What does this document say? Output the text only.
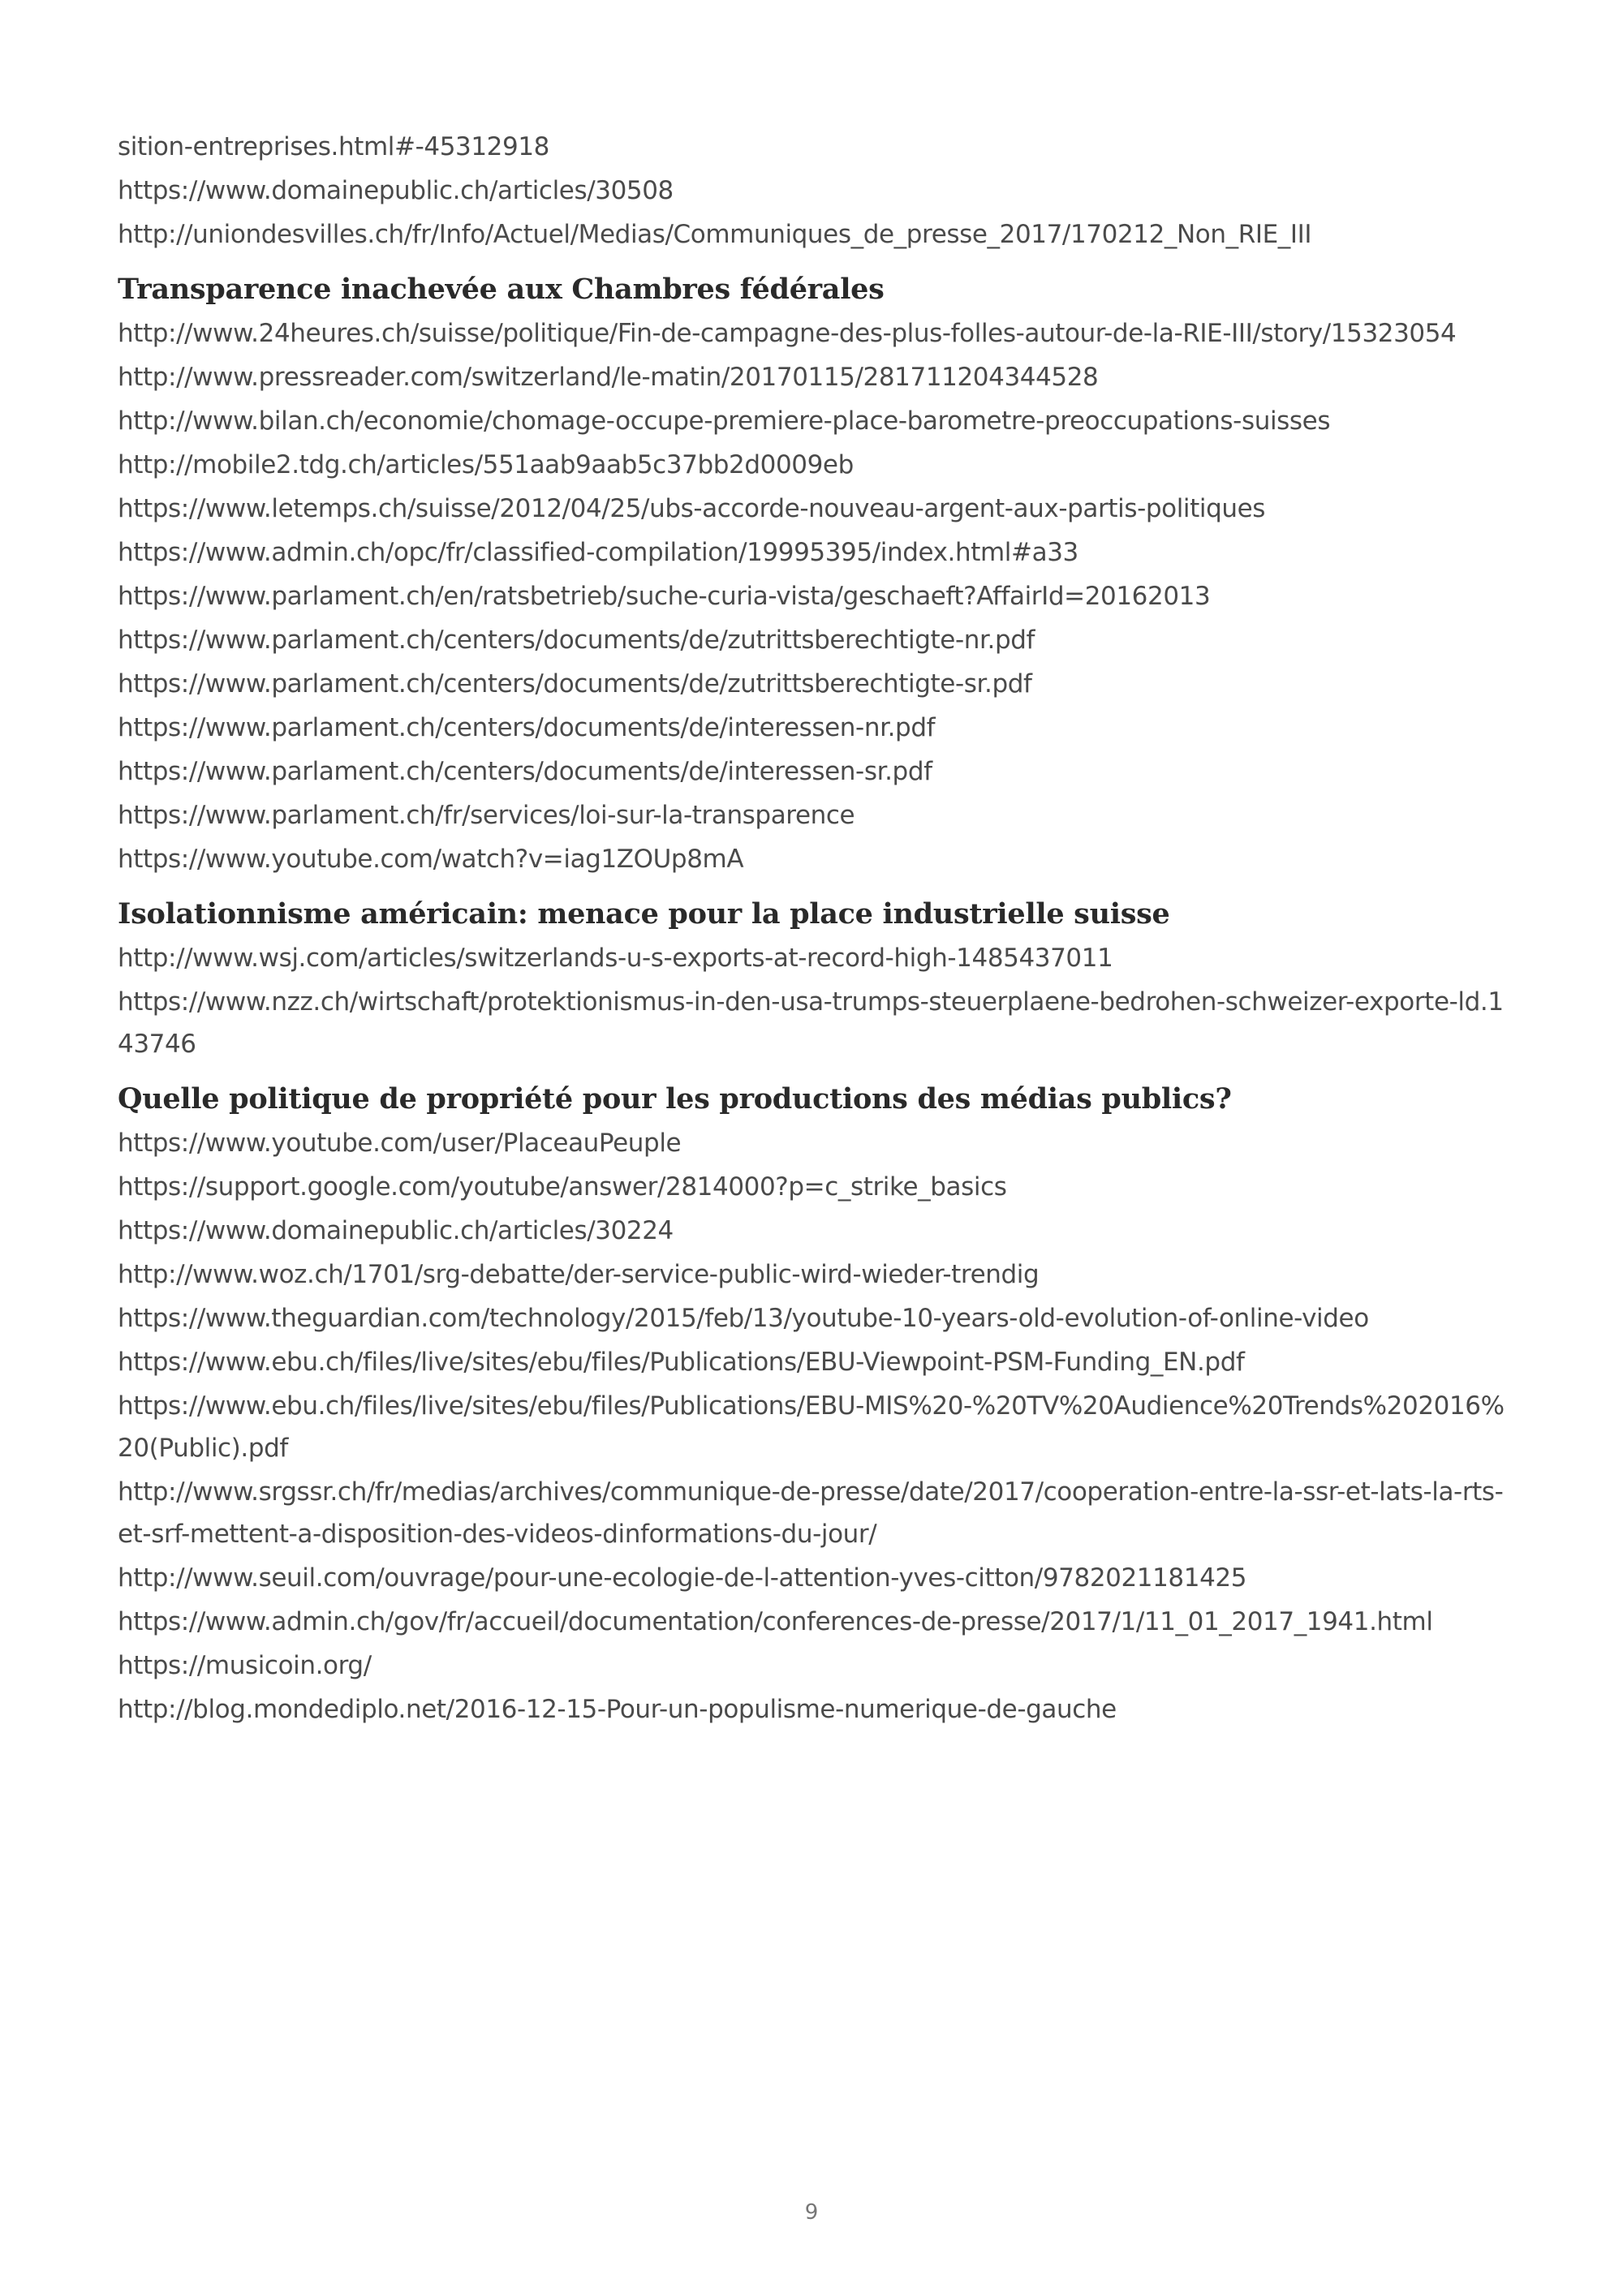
sition-entreprises.html#-45312918
https://www.domainepublic.ch/articles/30508
http://uniondesvilles.ch/fr/Info/Actuel/Medias/Communiques_de_presse_2017/170212_Non_RIE_III
Transparence inachevée aux Chambres fédérales
http://www.24heures.ch/suisse/politique/Fin-de-campagne-des-plus-folles-autour-de-la-RIE-III/story/15323054
http://www.pressreader.com/switzerland/le-matin/20170115/281711204344528
http://www.bilan.ch/economie/chomage-occupe-premiere-place-barometre-preoccupations-suisses
http://mobile2.tdg.ch/articles/551aab9aab5c37bb2d0009eb
https://www.letemps.ch/suisse/2012/04/25/ubs-accorde-nouveau-argent-aux-partis-politiques
https://www.admin.ch/opc/fr/classified-compilation/19995395/index.html#a33
https://www.parlament.ch/en/ratsbetrieb/suche-curia-vista/geschaeft?AffairId=20162013
https://www.parlament.ch/centers/documents/de/zutrittsberechtigte-nr.pdf
https://www.parlament.ch/centers/documents/de/zutrittsberechtigte-sr.pdf
https://www.parlament.ch/centers/documents/de/interessen-nr.pdf
https://www.parlament.ch/centers/documents/de/interessen-sr.pdf
https://www.parlament.ch/fr/services/loi-sur-la-transparence
https://www.youtube.com/watch?v=iag1ZOUp8mA
Isolationnisme américain: menace pour la place industrielle suisse
http://www.wsj.com/articles/switzerlands-u-s-exports-at-record-high-1485437011
https://www.nzz.ch/wirtschaft/protektionismus-in-den-usa-trumps-steuerplaene-bedrohen-schweizer-exporte-ld.143746
Quelle politique de propriété pour les productions des médias publics?
https://www.youtube.com/user/PlaceauPeuple
https://support.google.com/youtube/answer/2814000?p=c_strike_basics
https://www.domainepublic.ch/articles/30224
http://www.woz.ch/1701/srg-debatte/der-service-public-wird-wieder-trendig
https://www.theguardian.com/technology/2015/feb/13/youtube-10-years-old-evolution-of-online-video
https://www.ebu.ch/files/live/sites/ebu/files/Publications/EBU-Viewpoint-PSM-Funding_EN.pdf
https://www.ebu.ch/files/live/sites/ebu/files/Publications/EBU-MIS%20-%20TV%20Audience%20Trends%202016%20(Public).pdf
http://www.srgssr.ch/fr/medias/archives/communique-de-presse/date/2017/cooperation-entre-la-ssr-et-lats-la-rts-et-srf-mettent-a-disposition-des-videos-dinformations-du-jour/
http://www.seuil.com/ouvrage/pour-une-ecologie-de-l-attention-yves-citton/9782021181425
https://www.admin.ch/gov/fr/accueil/documentation/conferences-de-presse/2017/1/11_01_2017_1941.html
https://musicoin.org/
http://blog.mondediplo.net/2016-12-15-Pour-un-populisme-numerique-de-gauche
9
